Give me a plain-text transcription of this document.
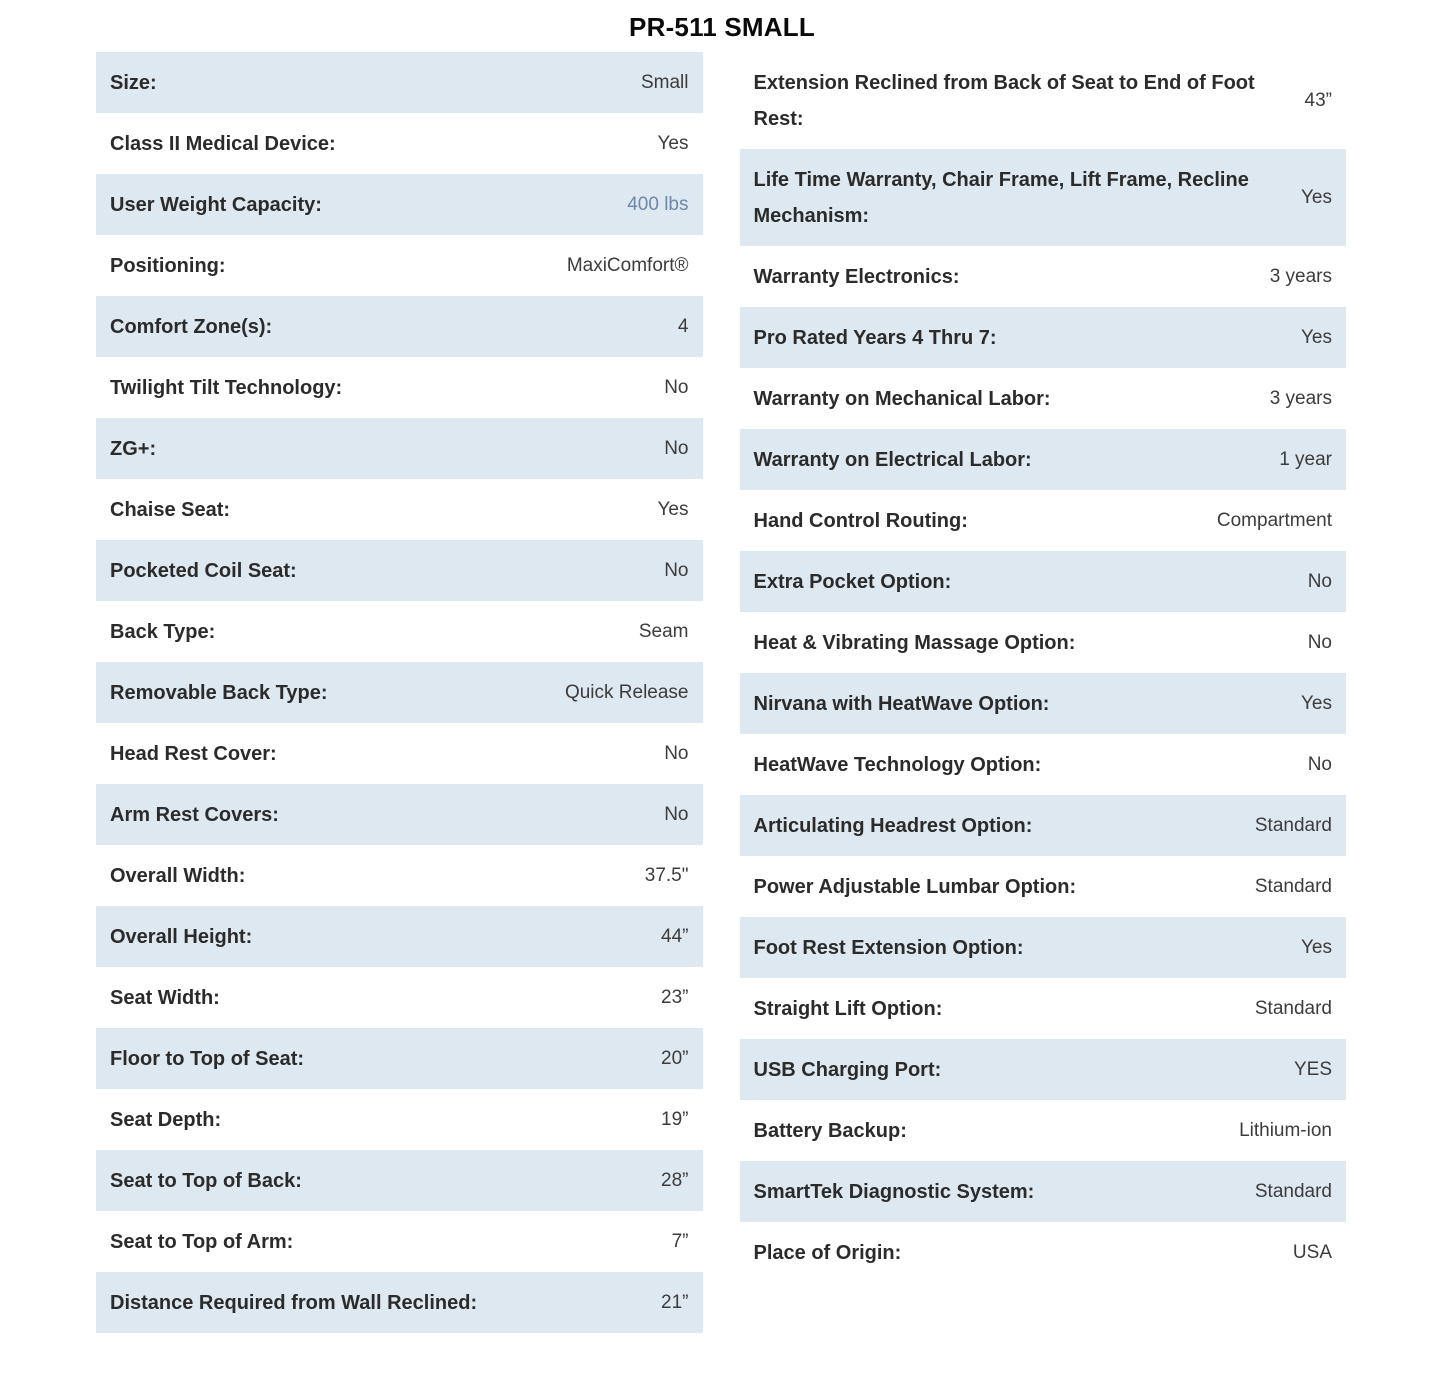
PR-511 SMALL
Size:	Small
Class II Medical Device:	Yes
User Weight Capacity:	400 lbs
Positioning:	MaxiComfort®
Comfort Zone(s):	4
Twilight Tilt Technology:	No
ZG+:	No
Chaise Seat:	Yes
Pocketed Coil Seat:	No
Back Type:	Seam
Removable Back Type:	Quick Release
Head Rest Cover:	No
Arm Rest Covers:	No
Overall Width:	37.5"
Overall Height:	44”
Seat Width:	23”
Floor to Top of Seat:	20”
Seat Depth:	19”
Seat to Top of Back:	28”
Seat to Top of Arm:	7”
Distance Required from Wall Reclined:	21”
Extension Reclined from Back of Seat to End of Foot Rest:
43”
Life Time Warranty, Chair Frame, Lift Frame, Recline Mechanism:
Yes
Warranty Electronics:	3 years
Pro Rated Years 4 Thru 7:	Yes
Warranty on Mechanical Labor:	3 years
Warranty on Electrical Labor:	1 year
Hand Control Routing:	Compartment
Extra Pocket Option:	No
Heat & Vibrating Massage Option:	No
Nirvana with HeatWave Option:	Yes
HeatWave Technology Option:	No
Articulating Headrest Option:	Standard
Power Adjustable Lumbar Option:	Standard
Foot Rest Extension Option:	Yes
Straight Lift Option:	Standard
USB Charging Port:	YES
Battery Backup:	Lithium-ion
SmartTek Diagnostic System:	Standard
Place of Origin:	USA
